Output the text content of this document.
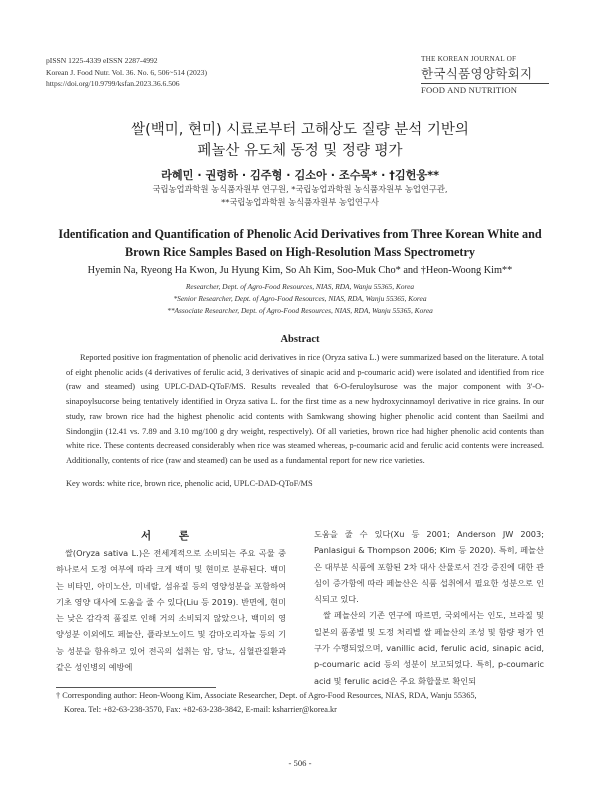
pISSN 1225-4339 eISSN 2287-4992
Korean J. Food Nutr. Vol. 36. No. 6, 506~514 (2023)
https://doi.org/10.9799/ksfan.2023.36.6.506
THE KOREAN JOURNAL OF
한국식품영양학회지
FOOD AND NUTRITION
쌀(백미, 현미) 시료로부터 고해상도 질량 분석 기반의
페놀산 유도체 동정 및 정량 평가
라혜민 · 권령하 · 김주형 · 김소아 · 조수묵* · †김헌웅**
국립농업과학원 농식품자원부 연구원, *국립농업과학원 농식품자원부 농업연구관,
**국립농업과학원 농식품자원부 농업연구사
Identification and Quantification of Phenolic Acid Derivatives from Three Korean White and
Brown Rice Samples Based on High-Resolution Mass Spectrometry
Hyemin Na, Ryeong Ha Kwon, Ju Hyung Kim, So Ah Kim, Soo-Muk Cho* and †Heon-Woong Kim**
Researcher, Dept. of Agro-Food Resources, NIAS, RDA, Wanju 55365, Korea
*Senior Researcher, Dept. of Agro-Food Resources, NIAS, RDA, Wanju 55365, Korea
**Associate Researcher, Dept. of Agro-Food Resources, NIAS, RDA, Wanju 55365, Korea
Abstract
Reported positive ion fragmentation of phenolic acid derivatives in rice (Oryza sativa L.) were summarized based on the literature. A total of eight phenolic acids (4 derivatives of ferulic acid, 3 derivatives of sinapic acid and p-coumaric acid) were isolated and identified from rice (raw and steamed) using UPLC-DAD-QToF/MS. Results revealed that 6-O-feruloylsurose was the major component with 3'-O-sinapoylsucorse being tentatively identified in Oryza sativa L. for the first time as a new hydroxycinnamoyl derivative in rice grains. In our study, raw brown rice had the highest phenolic acid contents with Samkwang showing higher phenolic acid content than Saeilmi and Sindongjin (12.41 vs. 7.89 and 3.10 mg/100 g dry weight, respectively). Of all varieties, brown rice had higher phenolic acid contents than white rice. These contents decreased considerably when rice was steamed whereas, p-coumaric acid and ferulic acid contents were increased. Additionally, contents of rice (raw and steamed) can be used as a fundamental report for new rice varieties.
Key words: white rice, brown rice, phenolic acid, UPLC-DAD-QToF/MS
서 론

쌀(Oryza sativa L.)은 전세계적으로 소비되는 주요 곡물 중 하나로서 도정 여부에 따라 크게 백미 및 현미로 분류된다. 백미는 비타민, 아미노산, 미네랄, 섬유질 등의 영양성분을 포함하여 기초 영양 대사에 도움을 줄 수 있다(Liu 등 2019). 반면에, 현미는 낮은 감각적 품질로 인해 거의 소비되지 않았으나, 백미의 영양성분 이외에도 페놀산, 플라보노이드 및 감마오리자놀 등의 기능 성분을 함유하고 있어 전곡의 섭취는 암, 당뇨, 심혈관질환과 같은 성인병의 예방에

도움을 줄 수 있다(Xu 등 2001; Anderson JW 2003; Panlasigui & Thompson 2006; Kim 등 2020). 특히, 페놀산은 대부분 식품에 포함된 2차 대사 산물로서 건강 증진에 대한 관심이 증가함에 따라 페놀산은 식품 섭취에서 필요한 성분으로 인식되고 있다.

쌀 페놀산의 기존 연구에 따르면, 국외에서는 인도, 브라질 및 일본의 품종별 및 도정 처리별 쌀 페놀산의 조성 및 함량 평가 연구가 수행되었으며, vanillic acid, ferulic acid, sinapic acid, p-coumaric acid 등의 성분이 보고되었다. 특히, p-coumaric acid 및 ferulic acid은 주요 화합물로 확인되

† Corresponding author: Heon-Woong Kim, Associate Researcher, Dept. of Agro-Food Resources, NIAS, RDA, Wanju 55365,
Korea. Tel: +82-63-238-3570, Fax: +82-63-238-3842, E-mail: ksharrier@korea.kr
- 506 -
